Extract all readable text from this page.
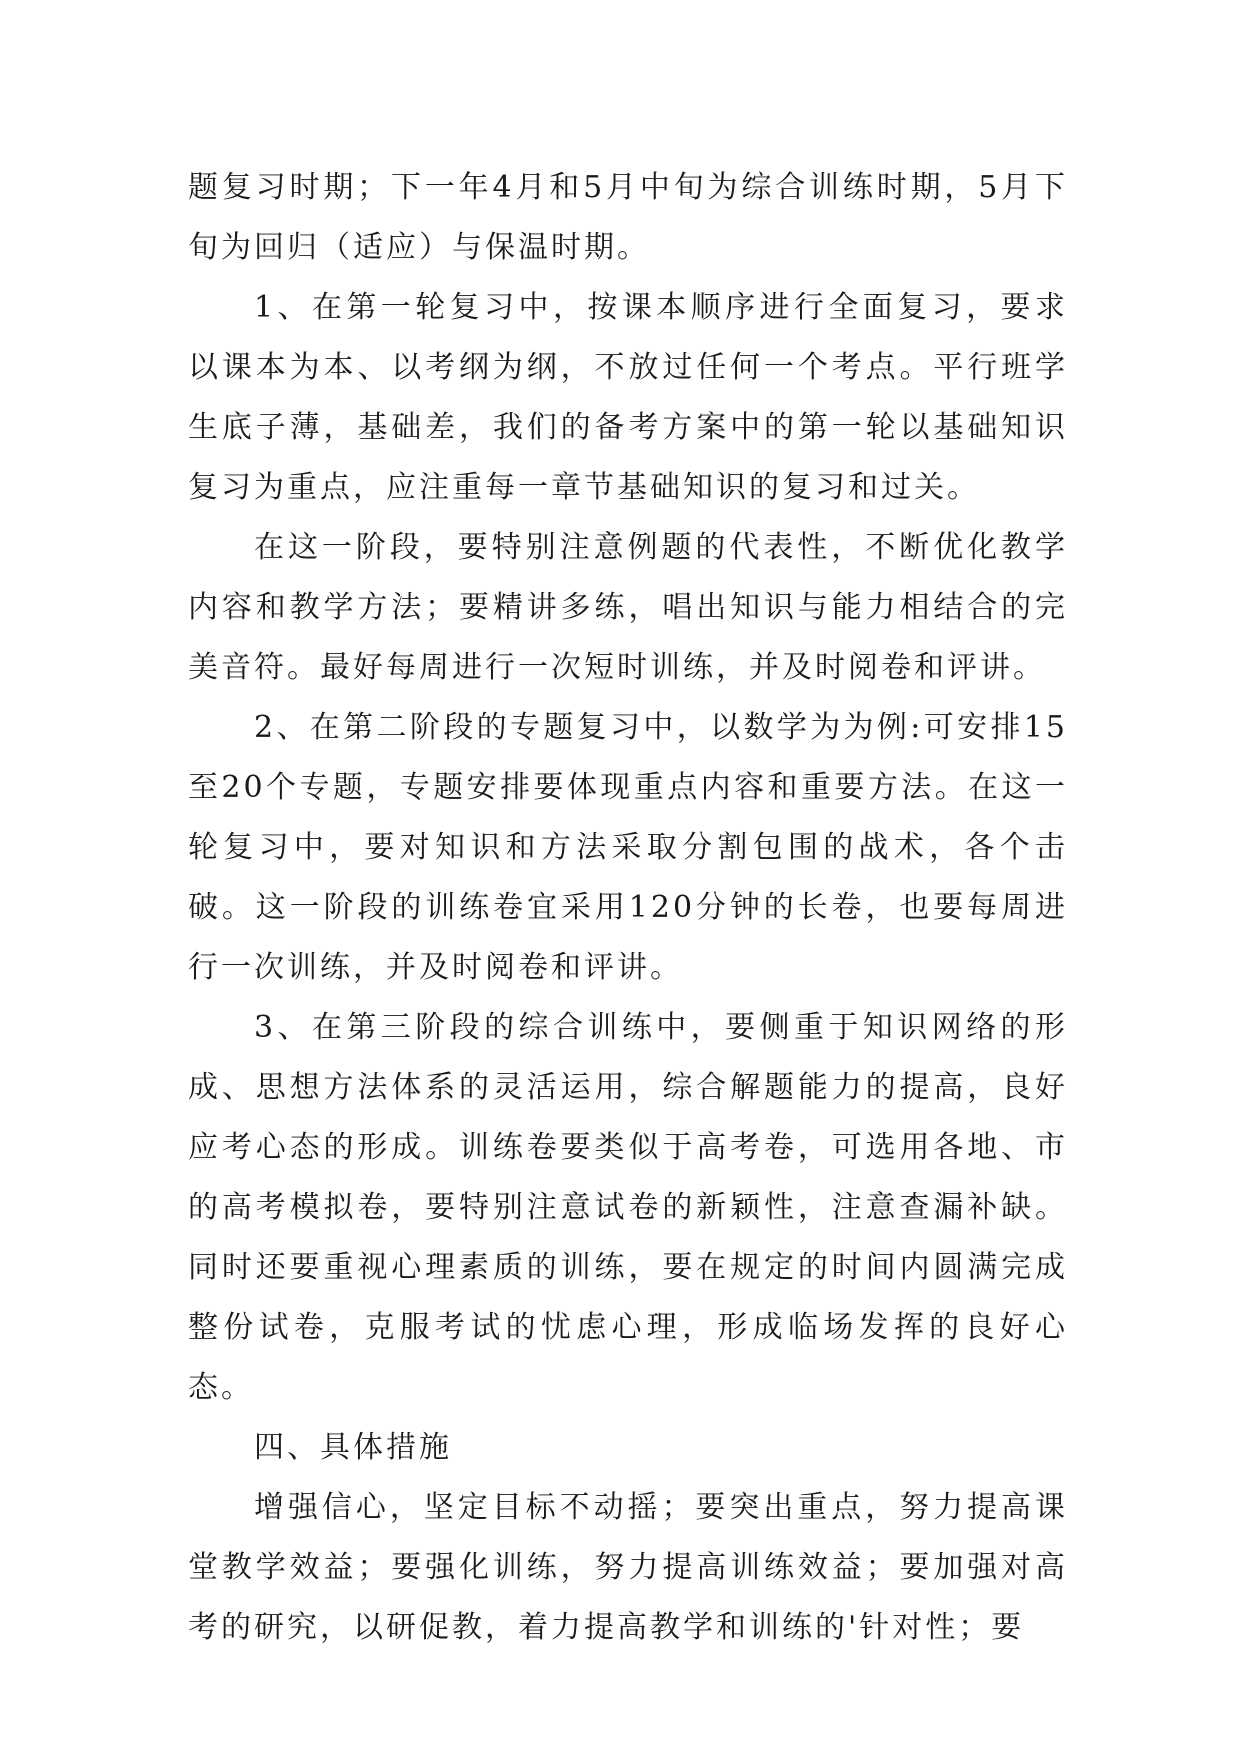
题复习时期；下一年4月和5月中旬为综合训练时期，5月下旬为回归（适应）与保温时期。

1、在第一轮复习中，按课本顺序进行全面复习，要求以课本为本、以考纲为纲，不放过任何一个考点。平行班学生底子薄，基础差，我们的备考方案中的第一轮以基础知识复习为重点，应注重每一章节基础知识的复习和过关。

在这一阶段，要特别注意例题的代表性，不断优化教学内容和教学方法；要精讲多练，唱出知识与能力相结合的完美音符。最好每周进行一次短时训练，并及时阅卷和评讲。

2、在第二阶段的专题复习中，以数学为为例:可安排15至20个专题，专题安排要体现重点内容和重要方法。在这一轮复习中，要对知识和方法采取分割包围的战术，各个击破。这一阶段的训练卷宜采用120分钟的长卷，也要每周进行一次训练，并及时阅卷和评讲。

3、在第三阶段的综合训练中，要侧重于知识网络的形成、思想方法体系的灵活运用，综合解题能力的提高，良好应考心态的形成。训练卷要类似于高考卷，可选用各地、市的高考模拟卷，要特别注意试卷的新颖性，注意查漏补缺。同时还要重视心理素质的训练，要在规定的时间内圆满完成整份试卷，克服考试的忧虑心理，形成临场发挥的良好心态。

四、具体措施

增强信心，坚定目标不动摇；要突出重点，努力提高课堂教学效益；要强化训练，努力提高训练效益；要加强对高考的研究，以研促教，着力提高教学和训练的'针对性；要
